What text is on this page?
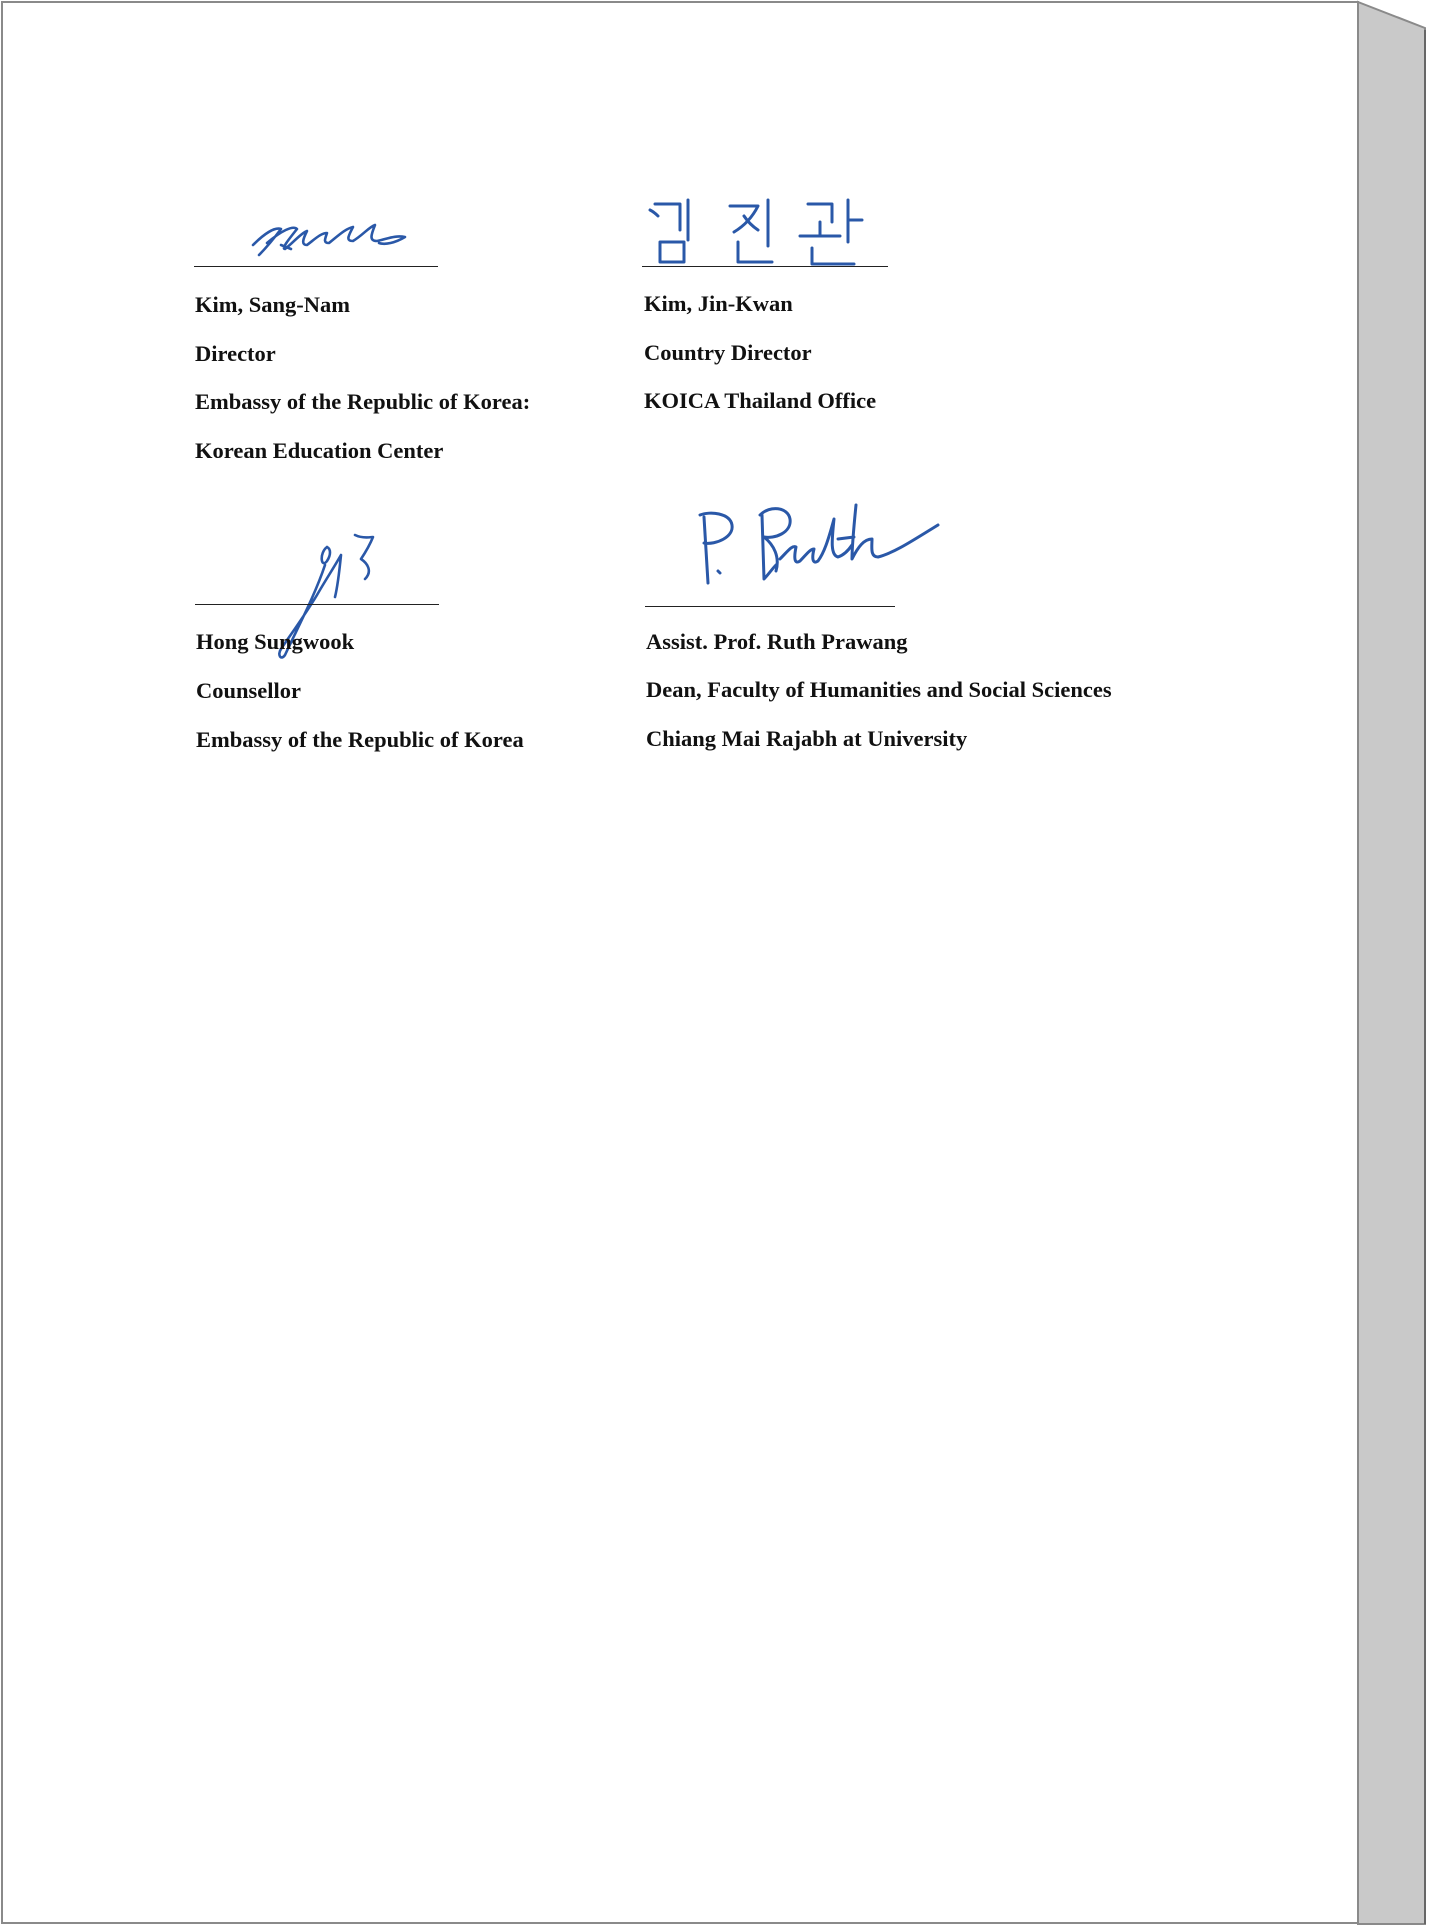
Kim, Sang-Nam
Director
Embassy of the Republic of Korea:
Korean Education Center
Kim, Jin-Kwan
Country Director
KOICA Thailand Office
Hong Sungwook
Counsellor
Embassy of the Republic of Korea
Assist. Prof. Ruth Prawang
Dean, Faculty of Humanities and Social Sciences
Chiang Mai Rajabh at University
